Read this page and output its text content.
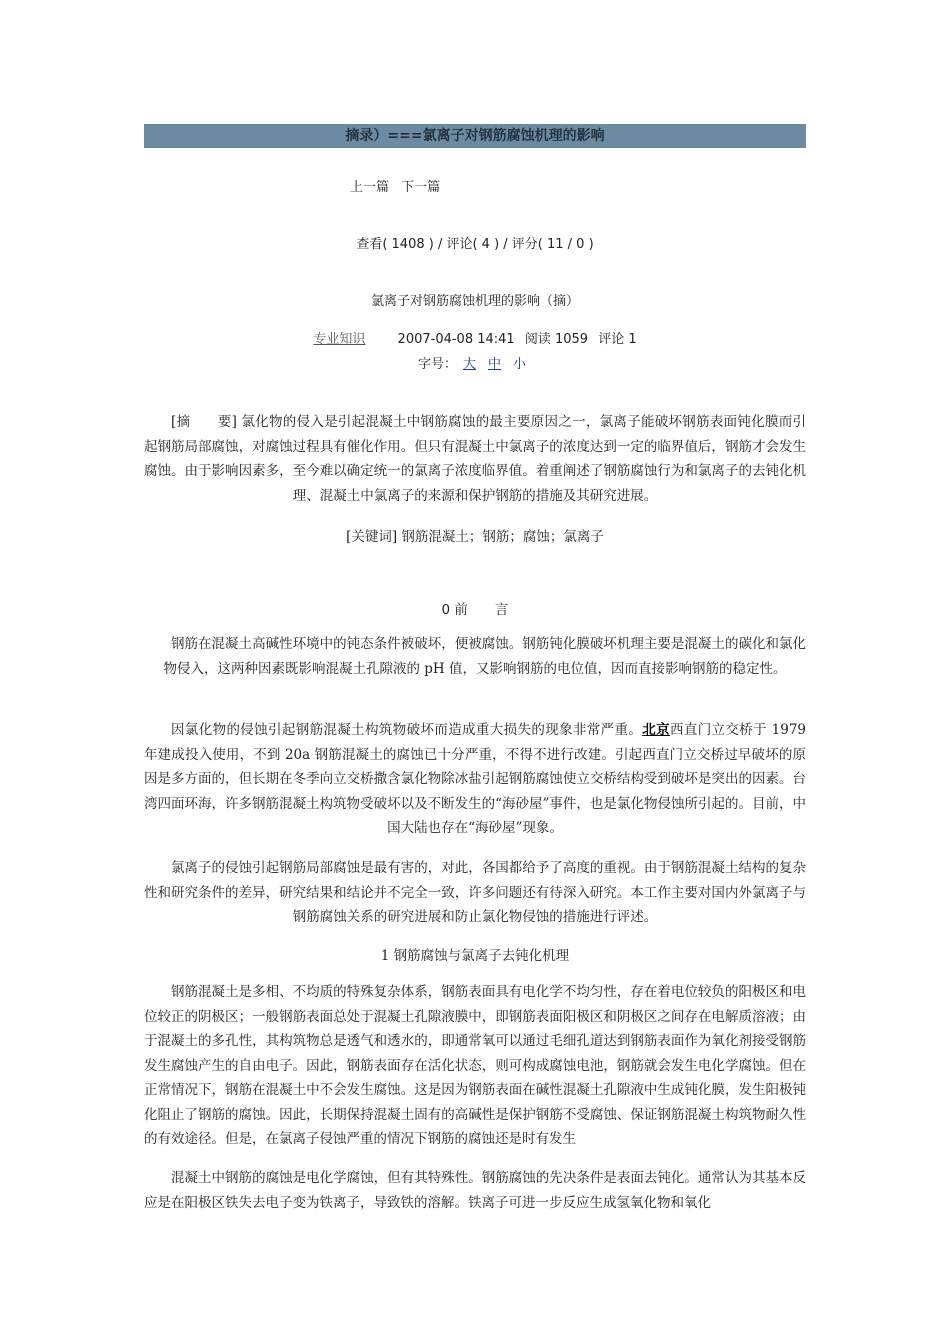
摘录）===氯离子对钢筋腐蚀机理的影响
上一篇 下一篇
查看( 1408 ) / 评论( 4 ) / 评分( 11 / 0 )
氯离子对钢筋腐蚀机理的影响（摘）
专业知识 2007-04-08 14:41 阅读 1059 评论 1
字号： 大 中 小

[摘　　要] 氯化物的侵入是引起混凝土中钢筋腐蚀的最主要原因之一，氯离子能破坏钢筋表面钝化膜而引起钢筋局部腐蚀，对腐蚀过程具有催化作用。但只有混凝土中氯离子的浓度达到一定的临界值后，钢筋才会发生腐蚀。由于影响因素多，至今难以确定统一的氯离子浓度临界值。着重阐述了钢筋腐蚀行为和氯离子的去钝化机理、混凝土中氯离子的来源和保护钢筋的措施及其研究进展。

[关键词] 钢筋混凝土；钢筋；腐蚀；氯离子
0 前　　言

钢筋在混凝土高碱性环境中的钝态条件被破坏，便被腐蚀。钢筋钝化膜破坏机理主要是混凝土的碳化和氯化物侵入，这两种因素既影响混凝土孔隙液的 pH 值，又影响钢筋的电位值，因而直接影响钢筋的稳定性。

因氯化物的侵蚀引起钢筋混凝土构筑物破坏而造成重大损失的现象非常严重。北京西直门立交桥于 1979 年建成投入使用，不到 20a 钢筋混凝土的腐蚀已十分严重，不得不进行改建。引起西直门立交桥过早破坏的原因是多方面的，但长期在冬季向立交桥撒含氯化物除冰盐引起钢筋腐蚀使立交桥结构受到破坏是突出的因素。台湾四面环海，许多钢筋混凝土构筑物受破坏以及不断发生的“海砂屋”事件，也是氯化物侵蚀所引起的。目前，中国大陆也存在“海砂屋”现象。

氯离子的侵蚀引起钢筋局部腐蚀是最有害的，对此，各国都给予了高度的重视。由于钢筋混凝土结构的复杂性和研究条件的差异，研究结果和结论并不完全一致，许多问题还有待深入研究。本工作主要对国内外氯离子与钢筋腐蚀关系的研究进展和防止氯化物侵蚀的措施进行评述。

1 钢筋腐蚀与氯离子去钝化机理

钢筋混凝土是多相、不均质的特殊复杂体系，钢筋表面具有电化学不均匀性，存在着电位较负的阳极区和电位较正的阴极区；一般钢筋表面总处于混凝土孔隙液膜中，即钢筋表面阳极区和阴极区之间存在电解质溶液；由于混凝土的多孔性，其构筑物总是透气和透水的，即通常氧可以通过毛细孔道达到钢筋表面作为氧化剂接受钢筋发生腐蚀产生的自由电子。因此，钢筋表面存在活化状态，则可构成腐蚀电池，钢筋就会发生电化学腐蚀。但在正常情况下，钢筋在混凝土中不会发生腐蚀。这是因为钢筋表面在碱性混凝土孔隙液中生成钝化膜，发生阳极钝化阻止了钢筋的腐蚀。因此，长期保持混凝土固有的高碱性是保护钢筋不受腐蚀、保证钢筋混凝土构筑物耐久性的有效途径。但是，在氯离子侵蚀严重的情况下钢筋的腐蚀还是时有发生

混凝土中钢筋的腐蚀是电化学腐蚀，但有其特殊性。钢筋腐蚀的先决条件是表面去钝化。通常认为其基本反应是在阳极区铁失去电子变为铁离子，导致铁的溶解。铁离子可进一步反应生成氢氧化物和氧化
